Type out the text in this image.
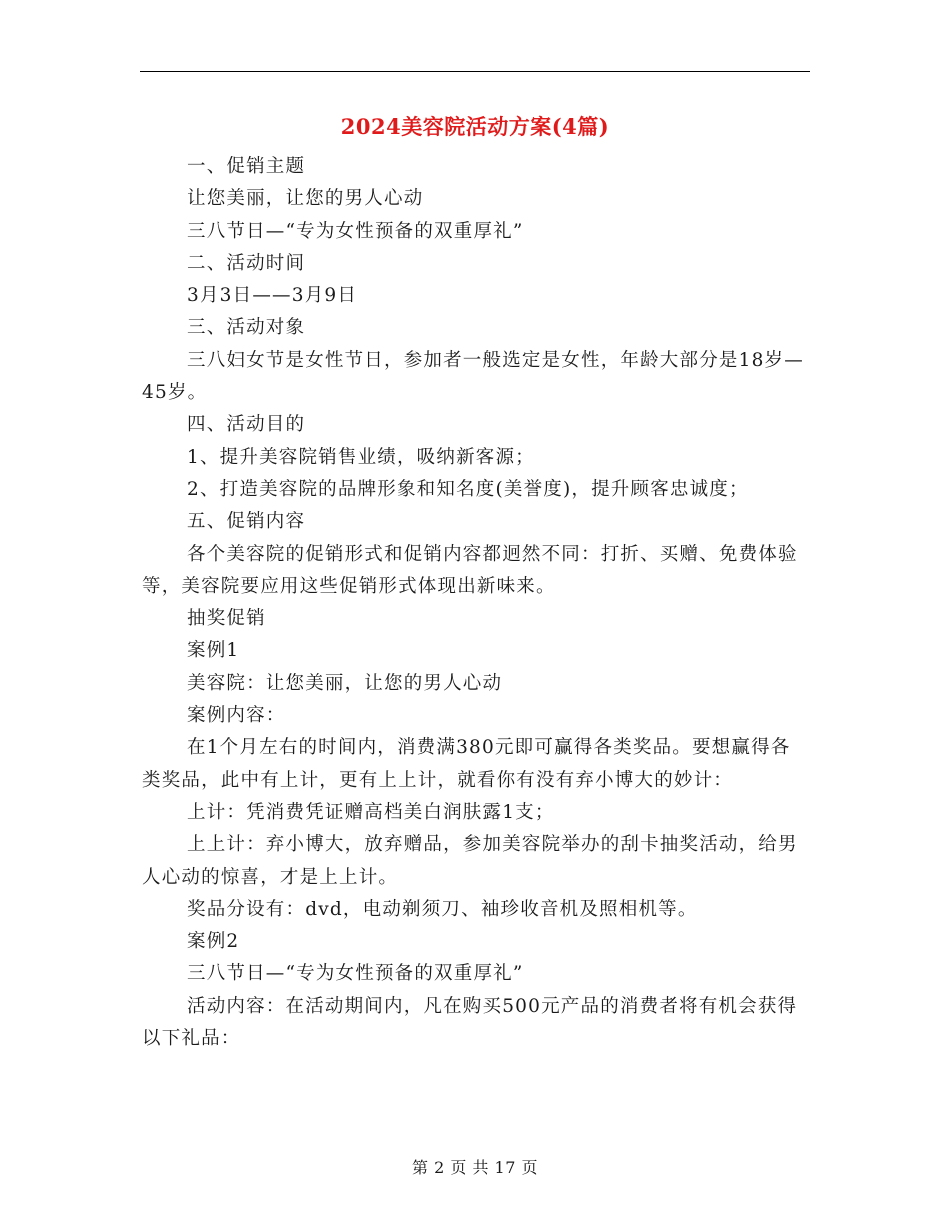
2024美容院活动方案(4篇)

一、促销主题

让您美丽，让您的男人心动

三八节日—“专为女性预备的双重厚礼”

二、活动时间

3月3日——3月9日

三、活动对象

三八妇女节是女性节日，参加者一般选定是女性，年龄大部分是18岁—45岁。

四、活动目的

1、提升美容院销售业绩，吸纳新客源；

2、打造美容院的品牌形象和知名度(美誉度)，提升顾客忠诚度；

五、促销内容

各个美容院的促销形式和促销内容都迥然不同：打折、买赠、免费体验等，美容院要应用这些促销形式体现出新味来。

抽奖促销

案例1

美容院：让您美丽，让您的男人心动

案例内容：

在1个月左右的时间内，消费满380元即可赢得各类奖品。要想赢得各类奖品，此中有上计，更有上上计，就看你有没有弃小博大的妙计：

上计：凭消费凭证赠高档美白润肤露1支；

上上计：弃小博大，放弃赠品，参加美容院举办的刮卡抽奖活动，给男人心动的惊喜，才是上上计。

奖品分设有：dvd，电动剃须刀、袖珍收音机及照相机等。

案例2

三八节日—“专为女性预备的双重厚礼”

活动内容：在活动期间内，凡在购买500元产品的消费者将有机会获得以下礼品：

第 2 页 共 17 页
